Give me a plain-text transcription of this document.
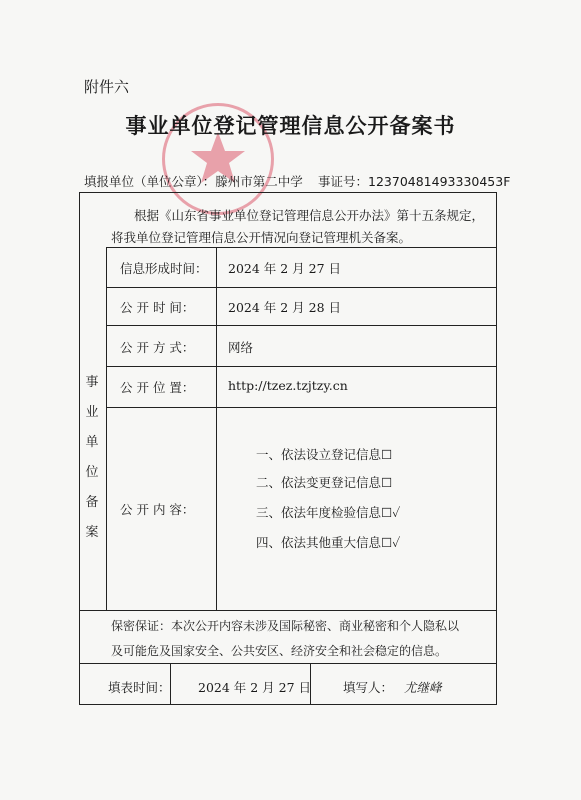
附件六
事业单位登记管理信息公开备案书
填报单位（单位公章）：滕州市第二中学 事证号：12370481493330453F
根据《山东省事业单位登记管理信息公开办法》第十五条规定，
将我单位登记管理信息公开情况向登记管理机关备案。
事
业
单
位
备
案
信息形成时间： 2024 年 2 月 27 日
公 开 时 间：	2024 年 2 月 28 日
公 开 方 式：	网络
公 开 位 置：	http://tzez.tzjtzy.cn
公 开 内 容：
一、依法设立登记信息☐
二、依法变更登记信息☐
三、依法年度检验信息☐✓
四、依法其他重大信息☐✓
保密保证：本次公开内容未涉及国际秘密、商业秘密和个人隐私以
及可能危及国家安全、公共安区、经济安全和社会稳定的信息。
填表时间： 2024 年 2 月 27 日	填写人： 尤继峰
